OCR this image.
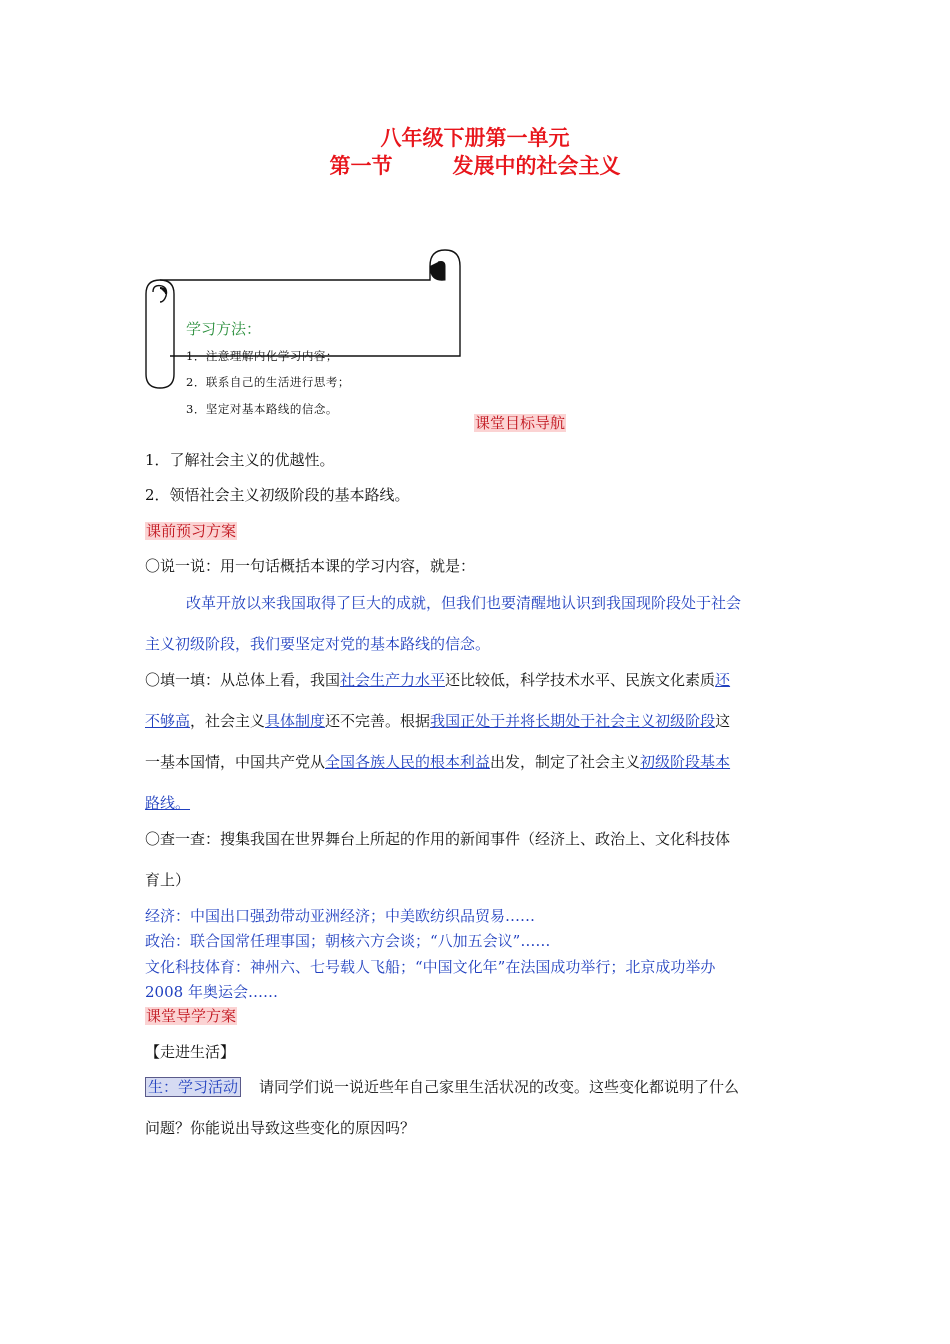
八年级下册第一单元
第一节	发展中的社会主义
学习方法：
1．注意理解内化学习内容；
2．联系自己的生活进行思考；
3．坚定对基本路线的信念。
课堂目标导航
1．了解社会主义的优越性。
2．领悟社会主义初级阶段的基本路线。
课前预习方案
〇说一说：用一句话概括本课的学习内容，就是：
改革开放以来我国取得了巨大的成就，但我们也要清醒地认识到我国现阶段处于社会
主义初级阶段，我们要坚定对党的基本路线的信念。
〇填一填：从总体上看，我国社会生产力水平还比较低，科学技术水平、民族文化素质还
不够高，社会主义具体制度还不完善。根据我国正处于并将长期处于社会主义初级阶段这
一基本国情，中国共产党从全国各族人民的根本利益出发，制定了社会主义初级阶段基本
路线。
〇查一查：搜集我国在世界舞台上所起的作用的新闻事件（经济上、政治上、文化科技体
育上）
经济：中国出口强劲带动亚洲经济；中美欧纺织品贸易……
政治：联合国常任理事国；朝核六方会谈；“八加五会议”……
文化科技体育：神州六、七号载人飞船；“中国文化年”在法国成功举行；北京成功举办
2008 年奥运会……
课堂导学方案
【走进生活】
生：学习活动 请同学们说一说近些年自己家里生活状况的改变。这些变化都说明了什么
问题？你能说出导致这些变化的原因吗？
